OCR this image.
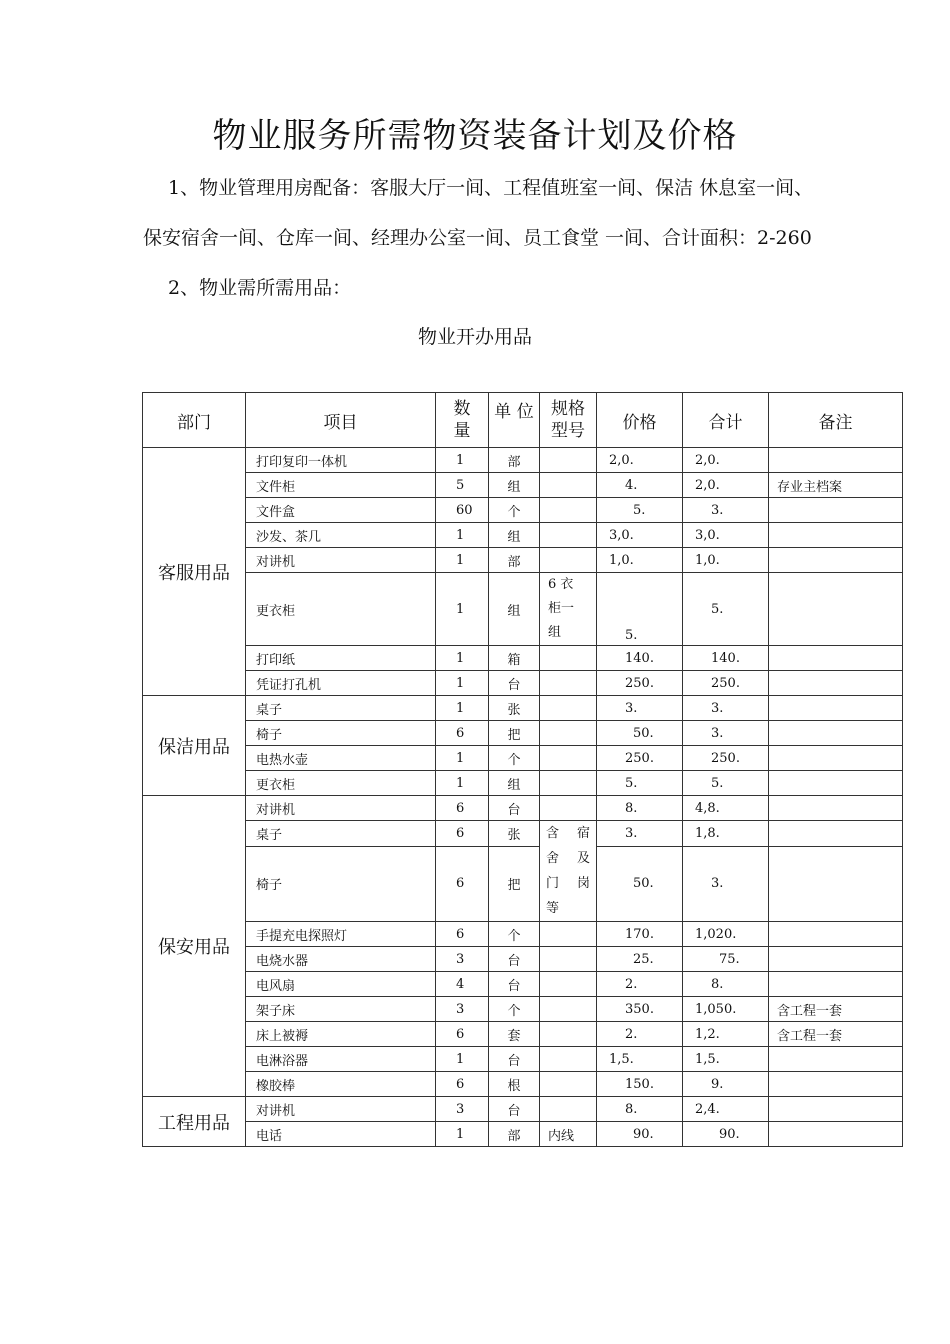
物业服务所需物资装备计划及价格
1、物业管理用房配备：客服大厅一间、工程值班室一间、保洁 休息室一间、
保安宿舍一间、仓库一间、经理办公室一间、员工食堂 一间、合计面积：2-260
2、物业需所需用品：
物业开办用品
部门	项目	数
量	单 位	规格
型号	价格	合计	备注
客服用品	打印复印一体机	1	部		2,0.	2,0.	
	文件柜	5	组		4.	2,0.	存业主档案
	文件盒	60	个		5.	3.	
	沙发、茶几	1	组		3,0.	3,0.	
	对讲机	1	部		1,0.	1,0.	
	更衣柜	1	组	6 衣
柜一
组	5.	5.	
	打印纸	1	箱		140.	140.	
	凭证打孔机	1	台		250.	250.	
保洁用品	桌子	1	张		3.	3.	
	椅子	6	把		50.	3.	
	电热水壶	1	个		250.	250.	
	更衣柜	1	组		5.	5.	
保安用品	对讲机	6	台		8.	4,8.	
	桌子	6	张	含 宿
舍 及
门 岗
等	3.	1,8.	
	椅子	6	把		50.	3.	
	手提充电探照灯	6	个		170.	1,020.	
	电烧水器	3	台		25.	75.	
	电风扇	4	台		2.	8.	
	架子床	3	个		350.	1,050.	含工程一套
	床上被褥	6	套		2.	1,2.	含工程一套
	电淋浴器	1	台		1,5.	1,5.	
	橡胶棒	6	根		150.	9.	
工程用品	对讲机	3	台		8.	2,4.	
	电话	1	部	内线	90.	90.	
